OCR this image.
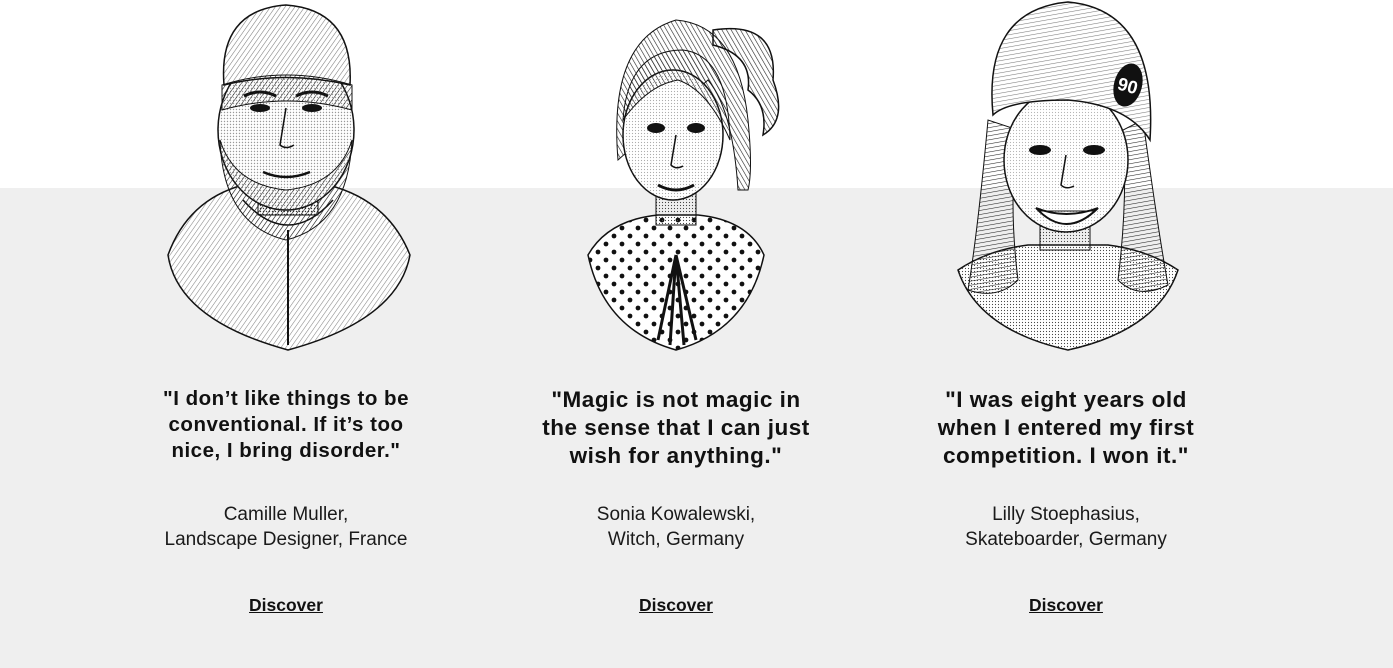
"I don’t like things to be
conventional. If it’s too
nice, I bring disorder."
Camille Muller,
Landscape Designer, France
Discover
"Magic is not magic in
the sense that I can just
wish for anything."
Sonia Kowalewski,
Witch, Germany
Discover
90
"I was eight years old
when I entered my first
competition. I won it."
Lilly Stoephasius,
Skateboarder, Germany
Discover
